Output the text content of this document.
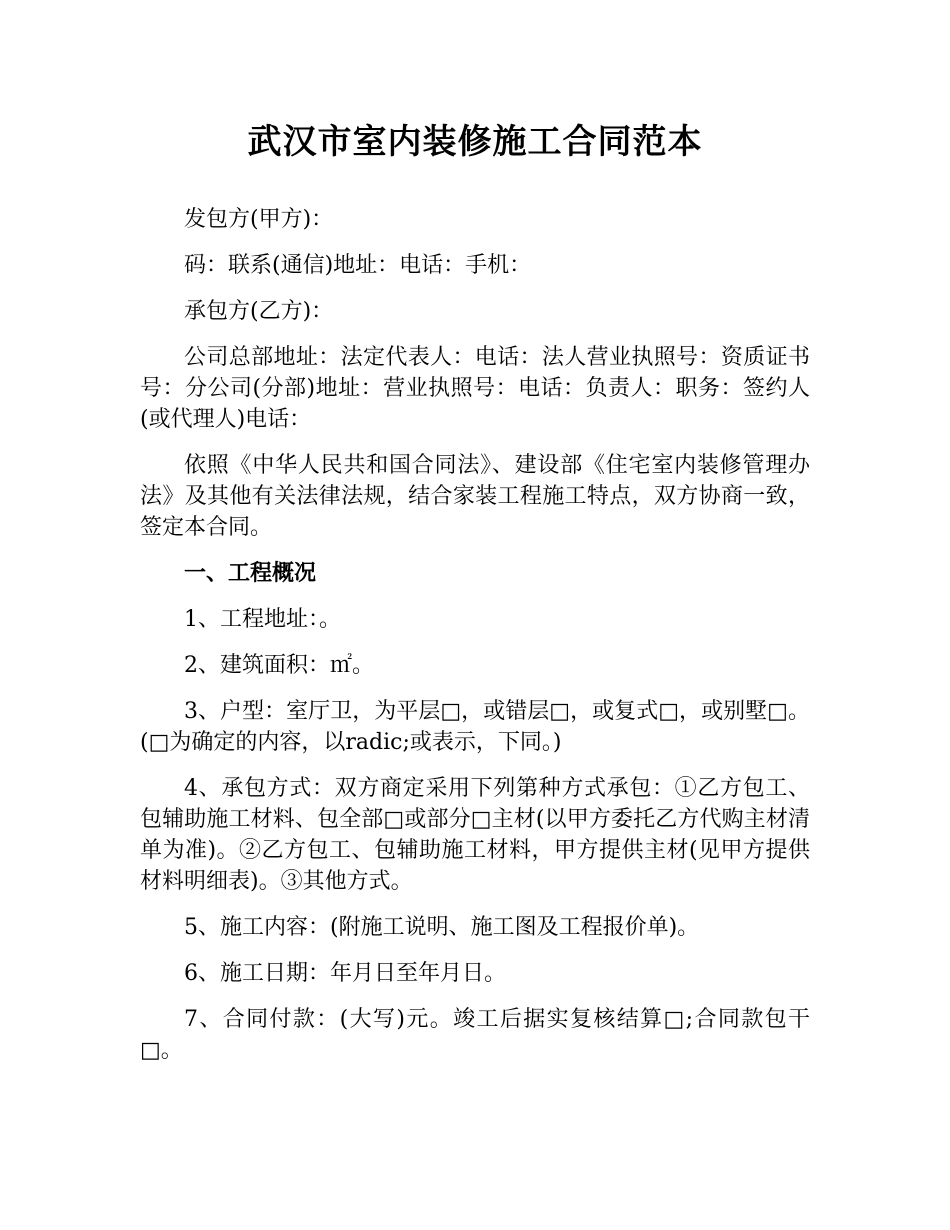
武汉市室内装修施工合同范本

发包方(甲方)：

码：联系(通信)地址：电话：手机：

承包方(乙方)：

公司总部地址：法定代表人：电话：法人营业执照号：资质证书号：分公司(分部)地址：营业执照号：电话：负责人：职务：签约人(或代理人)电话：

依照《中华人民共和国合同法》、建设部《住宅室内装修管理办法》及其他有关法律法规，结合家装工程施工特点，双方协商一致，签定本合同。

一、工程概况

1、工程地址：。

2、建筑面积：㎡。

3、户型：室厅卫，为平层□，或错层□，或复式□，或别墅□。(□为确定的内容，以radic;或表示，下同。)

4、承包方式：双方商定采用下列第种方式承包：①乙方包工、包辅助施工材料、包全部□或部分□主材(以甲方委托乙方代购主材清单为准)。②乙方包工、包辅助施工材料，甲方提供主材(见甲方提供材料明细表)。③其他方式。

5、施工内容：(附施工说明、施工图及工程报价单)。

6、施工日期：年月日至年月日。

7、合同付款：(大写)元。竣工后据实复核结算□;合同款包干□。
